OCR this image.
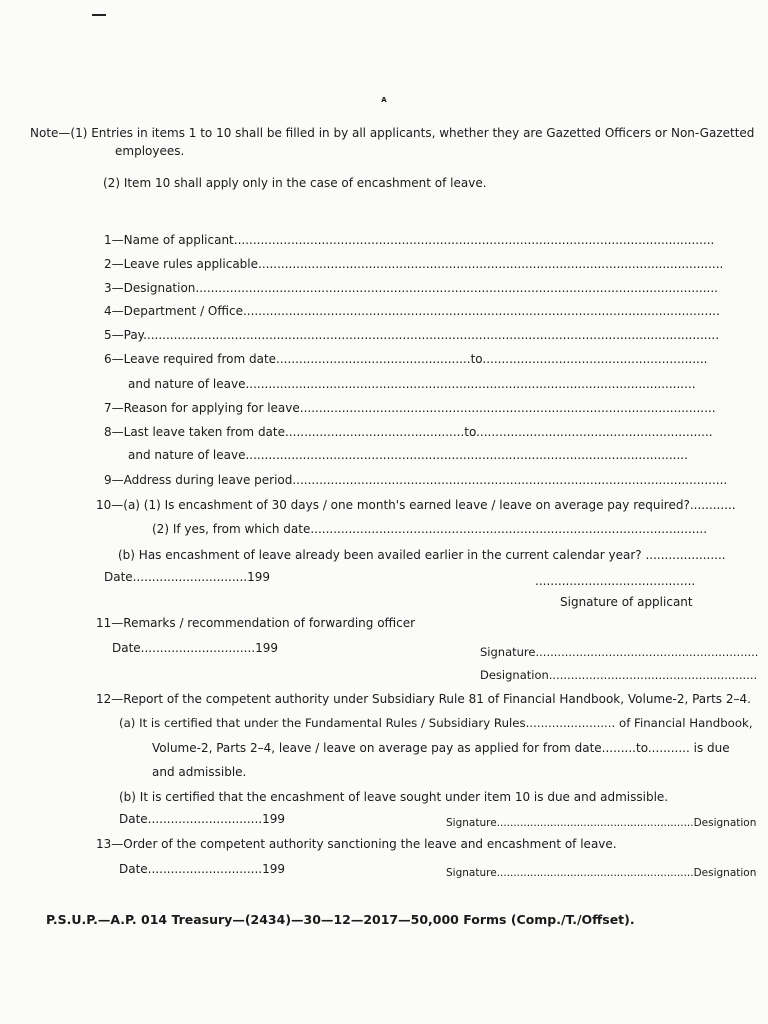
A
Note—(1) Entries in items 1 to 10 shall be filled in by all applicants, whether they are Gazetted Officers or Non-Gazetted
employees.
(2) Item 10 shall apply only in the case of encashment of leave.
1—Name of applicant..............................................................................................................................
2—Leave rules applicable..........................................................................................................................
3—Designation.........................................................................................................................................
4—Department / Office.............................................................................................................................
5—Pay.......................................................................................................................................................
6—Leave required from date...................................................to...........................................................
and nature of leave......................................................................................................................
7—Reason for applying for leave.............................................................................................................
8—Last leave taken from date...............................................to..............................................................
and nature of leave....................................................................................................................
9—Address during leave period..................................................................................................................
10—(a) (1) Is encashment of 30 days / one month's earned leave / leave on average pay required?............
(2) If yes, from which date........................................................................................................
(b) Has encashment of leave already been availed earlier in the current calendar year? .....................
Date..............................199	..........................................
Signature of applicant
11—Remarks / recommendation of forwarding officer
Date..............................199	Signature.............................................................
Designation.........................................................
12—Report of the competent authority under Subsidiary Rule 81 of Financial Handbook, Volume-2, Parts 2–4.
(a) It is certified that under the Fundamental Rules / Subsidiary Rules........................ of Financial Handbook,
Volume-2, Parts 2–4, leave / leave on average pay as applied for from date.........to........... is due
and admissible.
(b) It is certified that the encashment of leave sought under item 10 is due and admissible.
Date..............................199	Signature...........................................................Designation
13—Order of the competent authority sanctioning the leave and encashment of leave.
Date..............................199	Signature...........................................................Designation
P.S.U.P.—A.P. 014 Treasury—(2434)—30—12—2017—50,000 Forms (Comp./T./Offset).
